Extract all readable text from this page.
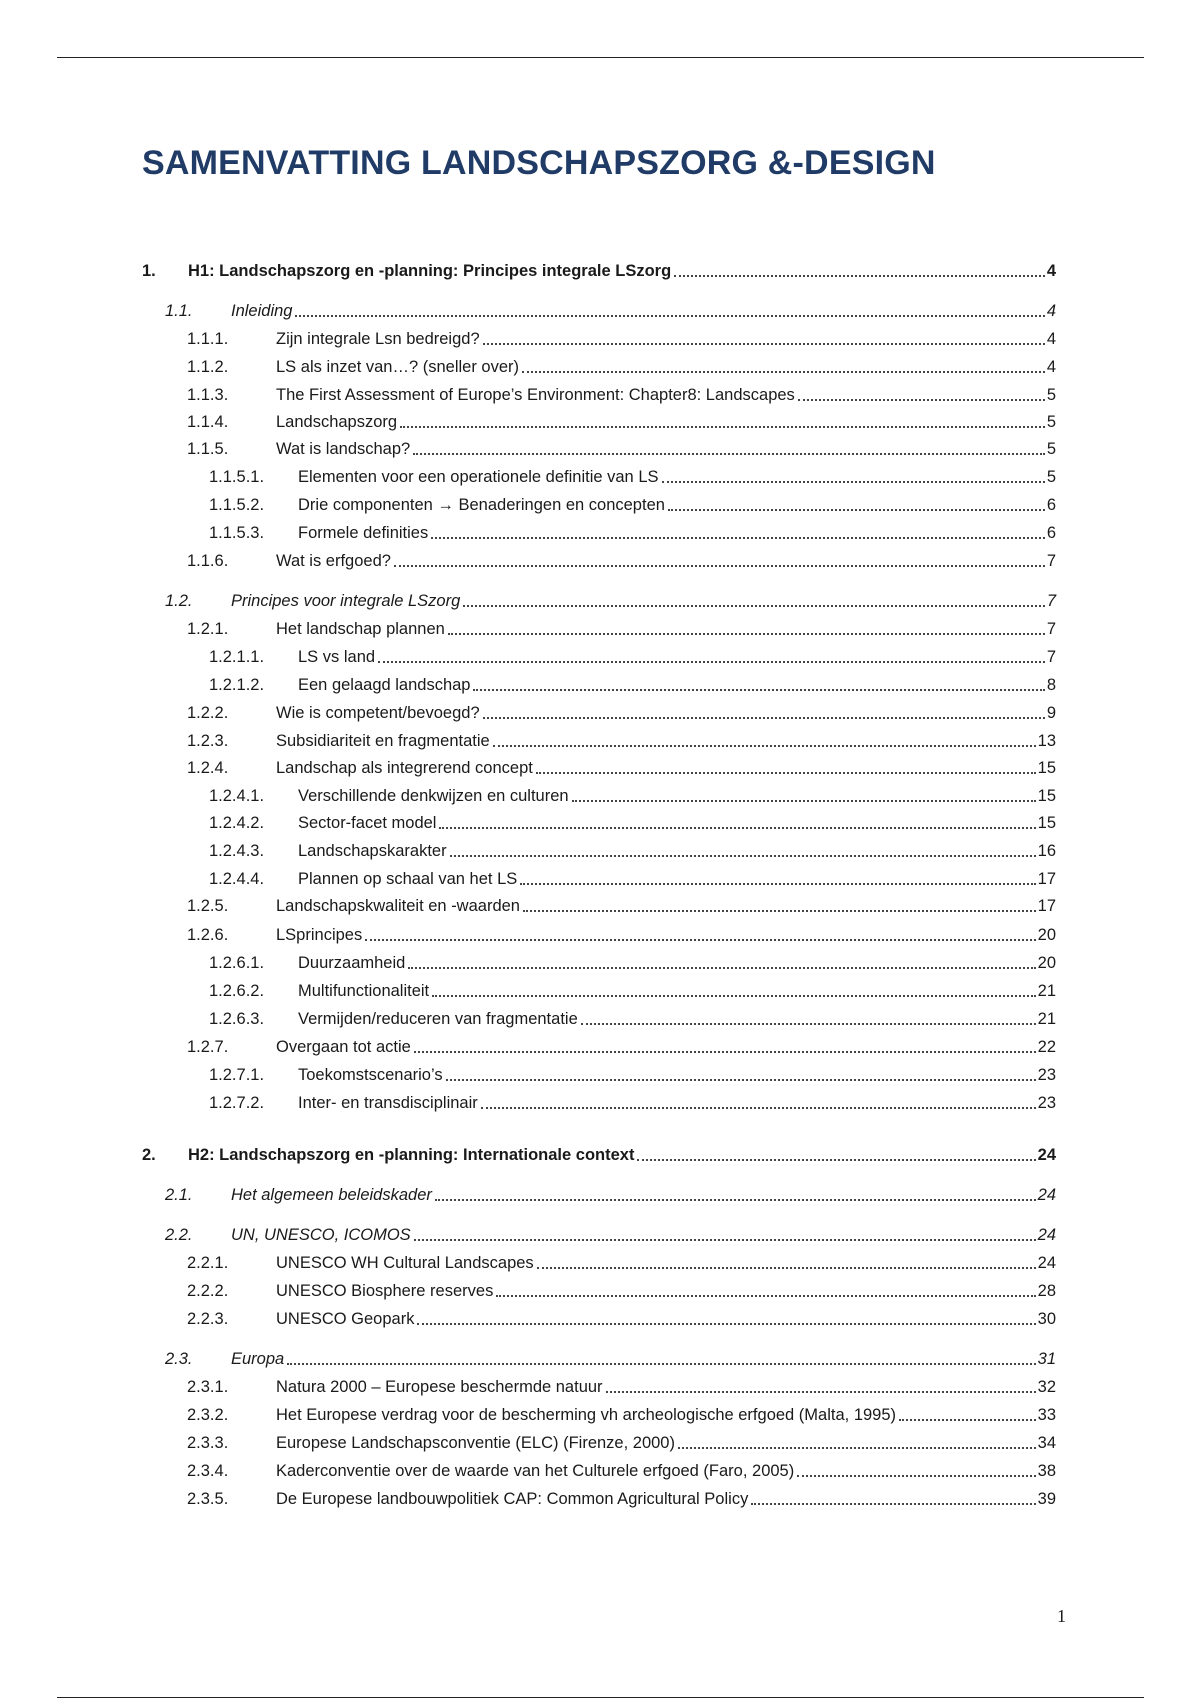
SAMENVATTING LANDSCHAPSZORG &-DESIGN
1.	H1: Landschapszorg en -planning: Principes integrale LSzorg	4
1.1.	Inleiding	4
1.1.1.	Zijn integrale Lsn bedreigd?	4
1.1.2.	LS als inzet van…? (sneller over)	4
1.1.3.	The First Assessment of Europe’s Environment: Chapter8: Landscapes	5
1.1.4.	Landschapszorg	5
1.1.5.	Wat is landschap?	5
1.1.5.1.	Elementen voor een operationele definitie van LS	5
1.1.5.2.	Drie componenten → Benaderingen en concepten	6
1.1.5.3.	Formele definities	6
1.1.6.	Wat is erfgoed?	7
1.2.	Principes voor integrale LSzorg	7
1.2.1.	Het landschap plannen	7
1.2.1.1.	LS vs land	7
1.2.1.2.	Een gelaagd landschap	8
1.2.2.	Wie is competent/bevoegd?	9
1.2.3.	Subsidiariteit en fragmentatie	13
1.2.4.	Landschap als integrerend concept	15
1.2.4.1.	Verschillende denkwijzen en culturen	15
1.2.4.2.	Sector-facet model	15
1.2.4.3.	Landschapskarakter	16
1.2.4.4.	Plannen op schaal van het LS	17
1.2.5.	Landschapskwaliteit en -waarden	17
1.2.6.	LSprincipes	20
1.2.6.1.	Duurzaamheid	20
1.2.6.2.	Multifunctionaliteit	21
1.2.6.3.	Vermijden/reduceren van fragmentatie	21
1.2.7.	Overgaan tot actie	22
1.2.7.1.	Toekomstscenario’s	23
1.2.7.2.	Inter- en transdisciplinair	23
2.	H2: Landschapszorg en -planning: Internationale context	24
2.1.	Het algemeen beleidskader	24
2.2.	UN, UNESCO, ICOMOS	24
2.2.1.	UNESCO WH Cultural Landscapes	24
2.2.2.	UNESCO Biosphere reserves	28
2.2.3.	UNESCO Geopark	30
2.3.	Europa	31
2.3.1.	Natura 2000 – Europese beschermde natuur	32
2.3.2.	Het Europese verdrag voor de bescherming vh archeologische erfgoed (Malta, 1995)	33
2.3.3.	Europese Landschapsconventie (ELC) (Firenze, 2000)	34
2.3.4.	Kaderconventie over de waarde van het Culturele erfgoed (Faro, 2005)	38
2.3.5.	De Europese landbouwpolitiek CAP: Common Agricultural Policy	39
1
